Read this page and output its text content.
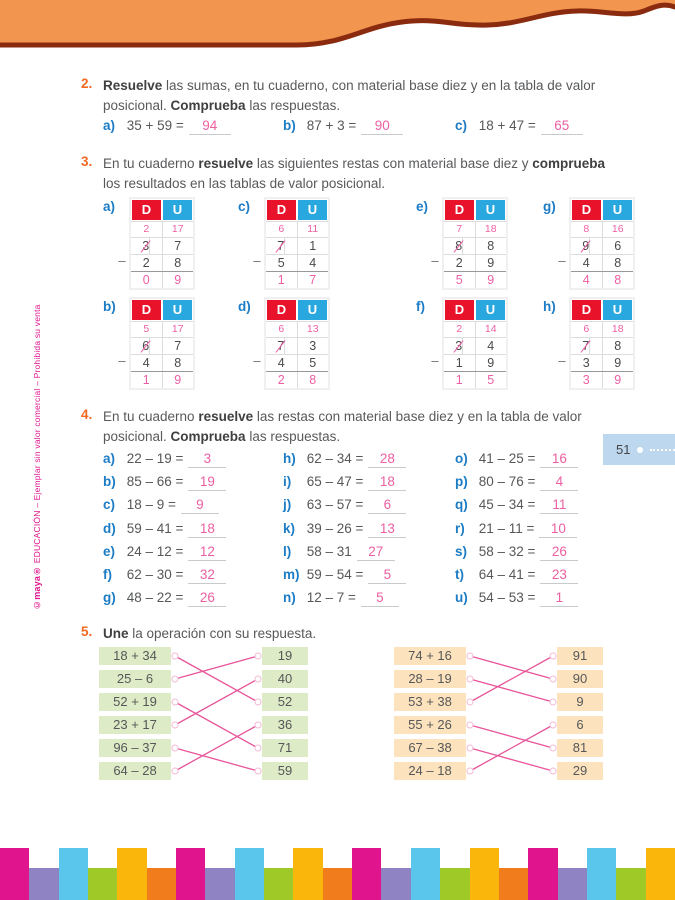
©maya® EDUCACIÓN – Ejemplar sin valor comercial – Prohibida su venta
2. Resuelve las sumas, en tu cuaderno, con material base diez y en la tabla de valor posicional. Comprueba las respuestas.
a) 35 + 59 = 94	b) 87 + 3 = 90	c) 18 + 47 = 65
3. En tu cuaderno resuelve las siguientes restas con material base diez y comprueba los resultados en las tablas de valor posicional.
a)	D	U
2	17
3	7
2	8
0	9
–
c)	D	U
6	11
7	1
5	4
1	7
–
e)	D	U
7	18
8	8
2	9
5	9
–
g)	D	U
8	16
9	6
4	8
4	8
–
b)	D	U
5	17
6	7
4	8
1	9
–
d)	D	U
6	13
7	3
4	5
2	8
–
f)	D	U
2	14
3	4
1	9
1	5
–
h)	D	U
6	18
7	8
3	9
3	9
–
4. En tu cuaderno resuelve las restas con material base diez y en la tabla de valor posicional. Comprueba las respuestas.
a) 22 – 19 = 3
b) 85 – 66 = 19
c) 18 – 9 = 9
d) 59 – 41 = 18
e) 24 – 12 = 12
f) 62 – 30 = 32
g) 48 – 22 = 26
h) 62 – 34 = 28
i) 65 – 47 = 18
j) 63 – 57 = 6
k) 39 – 26 = 13
l) 58 – 31 27
m) 59 – 54 = 5
n) 12 – 7 = 5
o) 41 – 25 = 16
p) 80 – 76 = 4
q) 45 – 34 = 11
r) 21 – 11 = 10
s) 58 – 32 = 26
t) 64 – 41 = 23
u) 54 – 53 = 1
51
5. Une la operación con su respuesta.
18 + 34
25 – 6
52 + 19
23 + 17
96 – 37
64 – 28
19
40
52
36
71
59
74 + 16
28 – 19
53 + 38
55 + 26
67 – 38
24 – 18
91
90
9
6
81
29
